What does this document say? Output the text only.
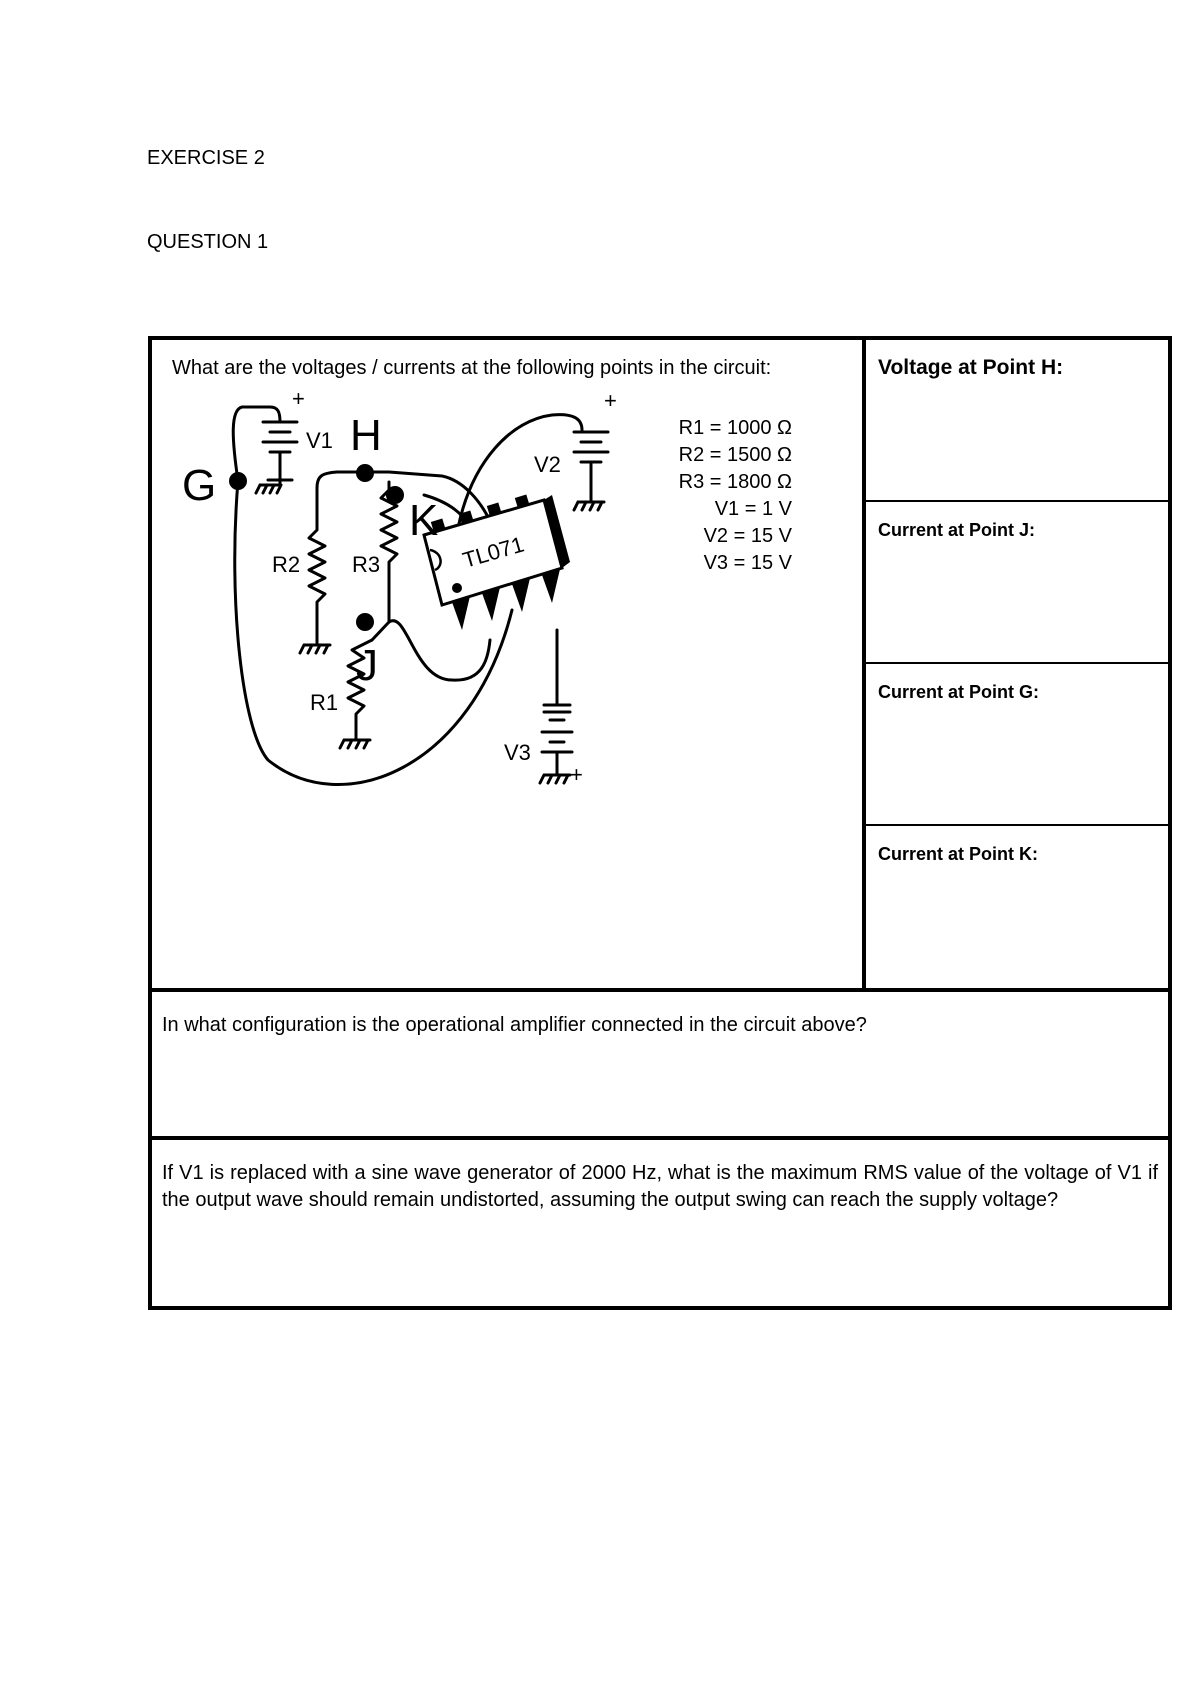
EXERCISE 2
QUESTION 1
What are the voltages / currents at the following points in the circuit:
TL071
G
H
K
J
+
V1
+
V2
V3
+
R2 R3
R1
R1 = 1000 Ω
R2 = 1500 Ω
R3 = 1800 Ω
V1 = 1 V
V2 = 15 V
V3 = 15 V
Voltage at Point H:
Current at Point J:
Current at Point G:
Current at Point K:
In what configuration is the operational amplifier connected in the circuit above?
If V1 is replaced with a sine wave generator of 2000 Hz, what is the maximum RMS value of the voltage of V1 if the output wave should remain undistorted, assuming the output swing can reach the supply voltage?
